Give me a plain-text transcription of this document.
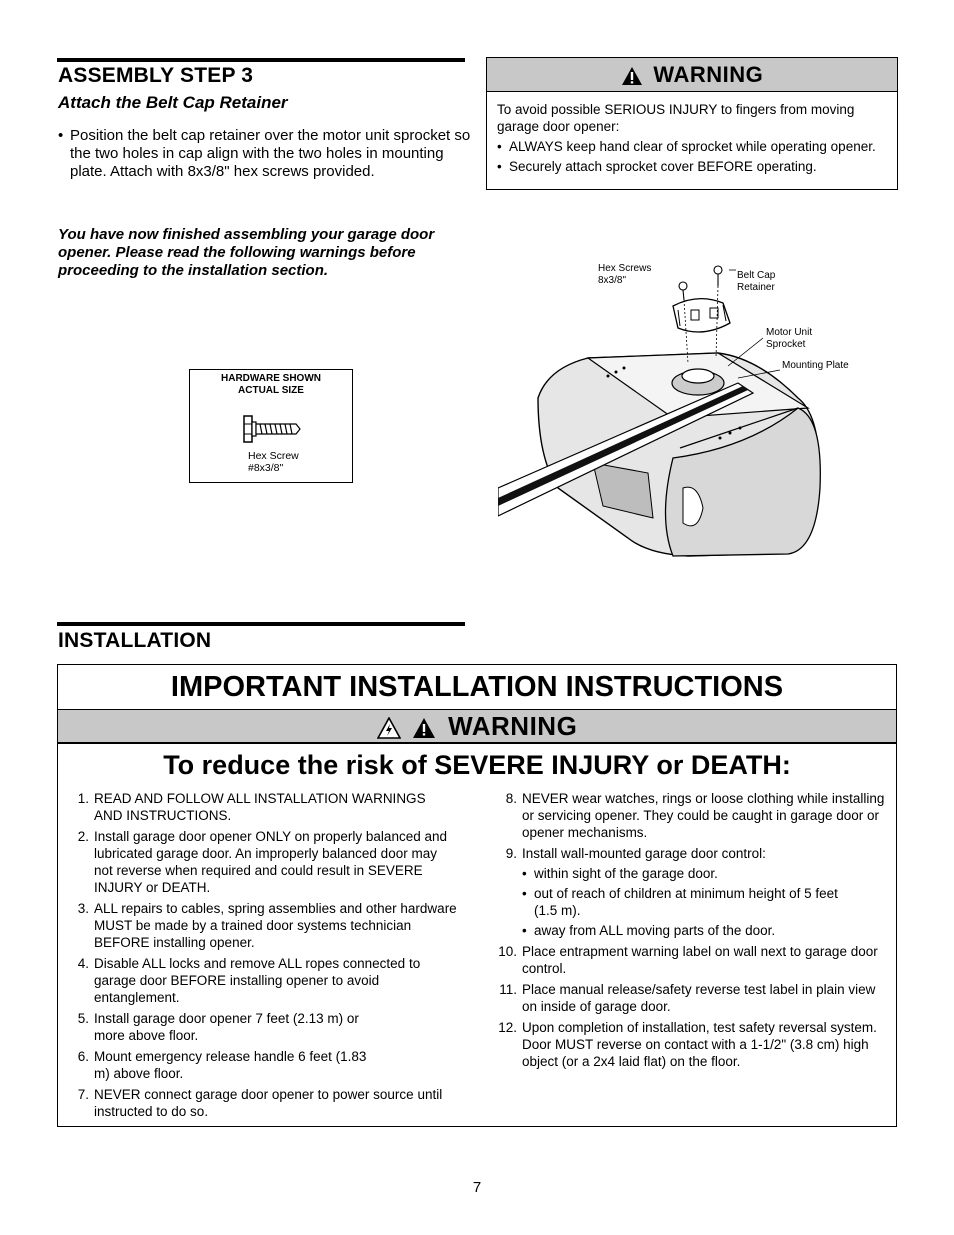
ASSEMBLY STEP 3
Attach the Belt Cap Retainer
• Position the belt cap retainer over the motor unit sprocket so the two holes in cap align with the two holes in mounting plate. Attach with 8x3/8" hex screws provided.
You have now finished assembling your garage door opener. Please read the following warnings before proceeding to the installation section.
WARNING
To avoid possible SERIOUS INJURY to fingers from moving garage door opener:
• ALWAYS keep hand clear of sprocket while operating opener.
• Securely attach sprocket cover BEFORE operating.
HARDWARE SHOWN
ACTUAL SIZE
Hex Screw
#8x3/8"
Hex Screws
8x3/8"	Belt Cap
Retainer
Motor Unit
Sprocket
Mounting Plate
INSTALLATION
IMPORTANT INSTALLATION INSTRUCTIONS
WARNING
To reduce the risk of SEVERE INJURY or DEATH:
1. READ AND FOLLOW ALL INSTALLATION WARNINGS AND INSTRUCTIONS.
2. Install garage door opener ONLY on properly balanced and lubricated garage door. An improperly balanced door may not reverse when required and could result in SEVERE INJURY or DEATH.
3. ALL repairs to cables, spring assemblies and other hardware MUST be made by a trained door systems technician BEFORE installing opener.
4. Disable ALL locks and remove ALL ropes connected to garage door BEFORE installing opener to avoid entanglement.
5. Install garage door opener 7 feet (2.13 m) or more above floor.
6. Mount emergency release handle 6 feet (1.83 m) above floor.
7. NEVER connect garage door opener to power source until instructed to do so.
8. NEVER wear watches, rings or loose clothing while installing or servicing opener. They could be caught in garage door or opener mechanisms.
9. Install wall-mounted garage door control:
• within sight of the garage door.
• out of reach of children at minimum height of 5 feet (1.5 m).
• away from ALL moving parts of the door.
10. Place entrapment warning label on wall next to garage door control.
11. Place manual release/safety reverse test label in plain view on inside of garage door.
12. Upon completion of installation, test safety reversal system. Door MUST reverse on contact with a 1-1/2" (3.8 cm) high object (or a 2x4 laid flat) on the floor.
7
